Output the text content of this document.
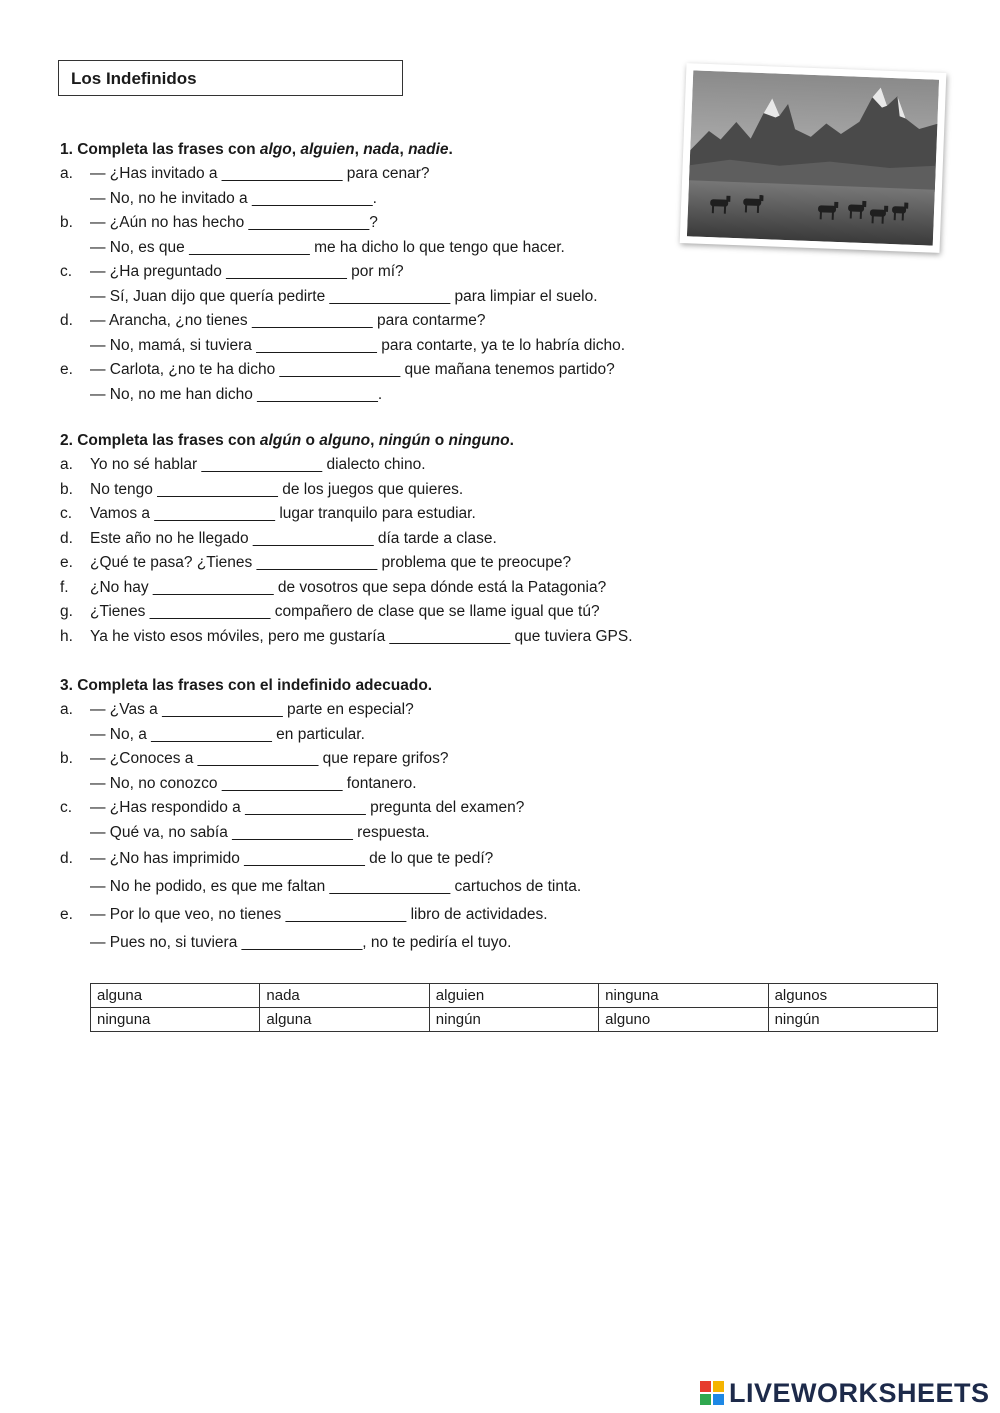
Los Indefinidos
1. Completa las frases con algo, alguien, nada, nadie.
a.	— ¿Has invitado a ______________ para cenar?
— No, no he invitado a ______________.
b.	— ¿Aún no has hecho ______________?
— No, es que ______________ me ha dicho lo que tengo que hacer.
c.	— ¿Ha preguntado ______________ por mí?
— Sí, Juan dijo que quería pedirte ______________ para limpiar el suelo.
d.	— Arancha, ¿no tienes ______________ para contarme?
— No, mamá, si tuviera ______________ para contarte, ya te lo habría dicho.
e.	— Carlota, ¿no te ha dicho ______________ que mañana tenemos partido?
— No, no me han dicho ______________.
2. Completa las frases con algún o alguno, ningún o ninguno.
a.	Yo no sé hablar ______________ dialecto chino.
b.	No tengo ______________ de los juegos que quieres.
c.	Vamos a ______________ lugar tranquilo para estudiar.
d.	Este año no he llegado ______________ día tarde a clase.
e.	¿Qué te pasa? ¿Tienes ______________ problema que te preocupe?
f.	¿No hay ______________ de vosotros que sepa dónde está la Patagonia?
g.	¿Tienes ______________ compañero de clase que se llame igual que tú?
h.	Ya he visto esos móviles, pero me gustaría ______________ que tuviera GPS.
3. Completa las frases con el indefinido adecuado.
a.	— ¿Vas a ______________ parte en especial?
— No, a ______________ en particular.
b.	— ¿Conoces a ______________ que repare grifos?
— No, no conozco ______________ fontanero.
c.	— ¿Has respondido a ______________ pregunta del examen?
— Qué va, no sabía ______________ respuesta.
d.	— ¿No has imprimido ______________ de lo que te pedí?
— No he podido, es que me faltan ______________ cartuchos de tinta.
e.	— Por lo que veo, no tienes ______________ libro de actividades.
— Pues no, si tuviera ______________, no te pediría el tuyo.
alguna	nada	alguien	ninguna	algunos
ninguna	alguna	ningún	alguno	ningún
LIVEWORKSHEETS
